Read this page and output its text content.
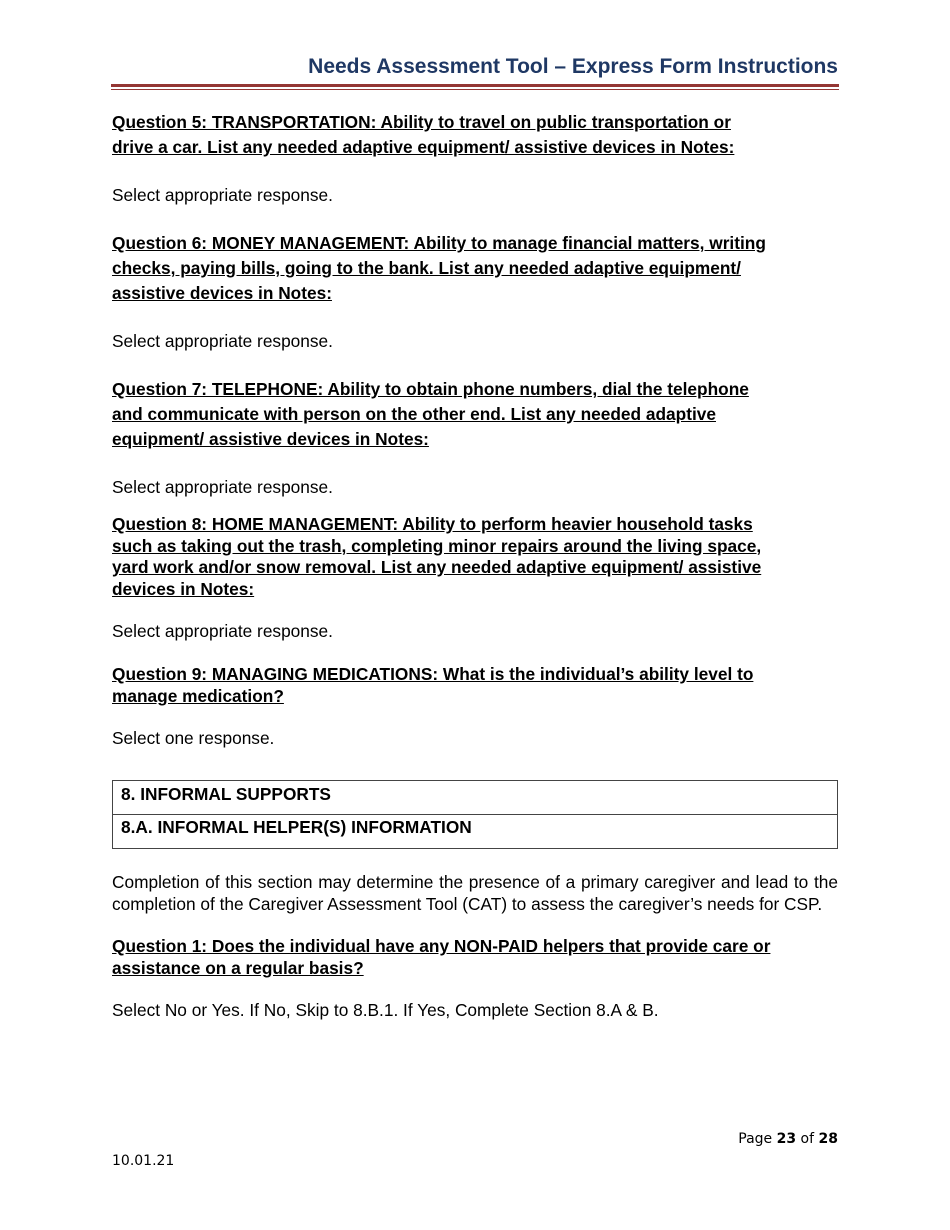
Needs Assessment Tool – Express Form Instructions
Question 5: TRANSPORTATION: Ability to travel on public transportation or
drive a car. List any needed adaptive equipment/ assistive devices in Notes:

Select appropriate response.

Question 6: MONEY MANAGEMENT: Ability to manage financial matters, writing
checks, paying bills, going to the bank. List any needed adaptive equipment/
assistive devices in Notes:

Select appropriate response.

Question 7: TELEPHONE: Ability to obtain phone numbers, dial the telephone
and communicate with person on the other end. List any needed adaptive
equipment/ assistive devices in Notes:

Select appropriate response.

Question 8: HOME MANAGEMENT: Ability to perform heavier household tasks
such as taking out the trash, completing minor repairs around the living space,
yard work and/or snow removal. List any needed adaptive equipment/ assistive
devices in Notes:

Select appropriate response.

Question 9: MANAGING MEDICATIONS: What is the individual’s ability level to
manage medication?

Select one response.

8. INFORMAL SUPPORTS
8.A. INFORMAL HELPER(S) INFORMATION

Completion of this section may determine the presence of a primary caregiver and lead to the completion of the Caregiver Assessment Tool (CAT) to assess the caregiver’s needs for CSP.

Question 1: Does the individual have any NON-PAID helpers that provide care or
assistance on a regular basis?

Select No or Yes. If No, Skip to 8.B.1. If Yes, Complete Section 8.A & B.

Page 23 of 28
10.01.21
